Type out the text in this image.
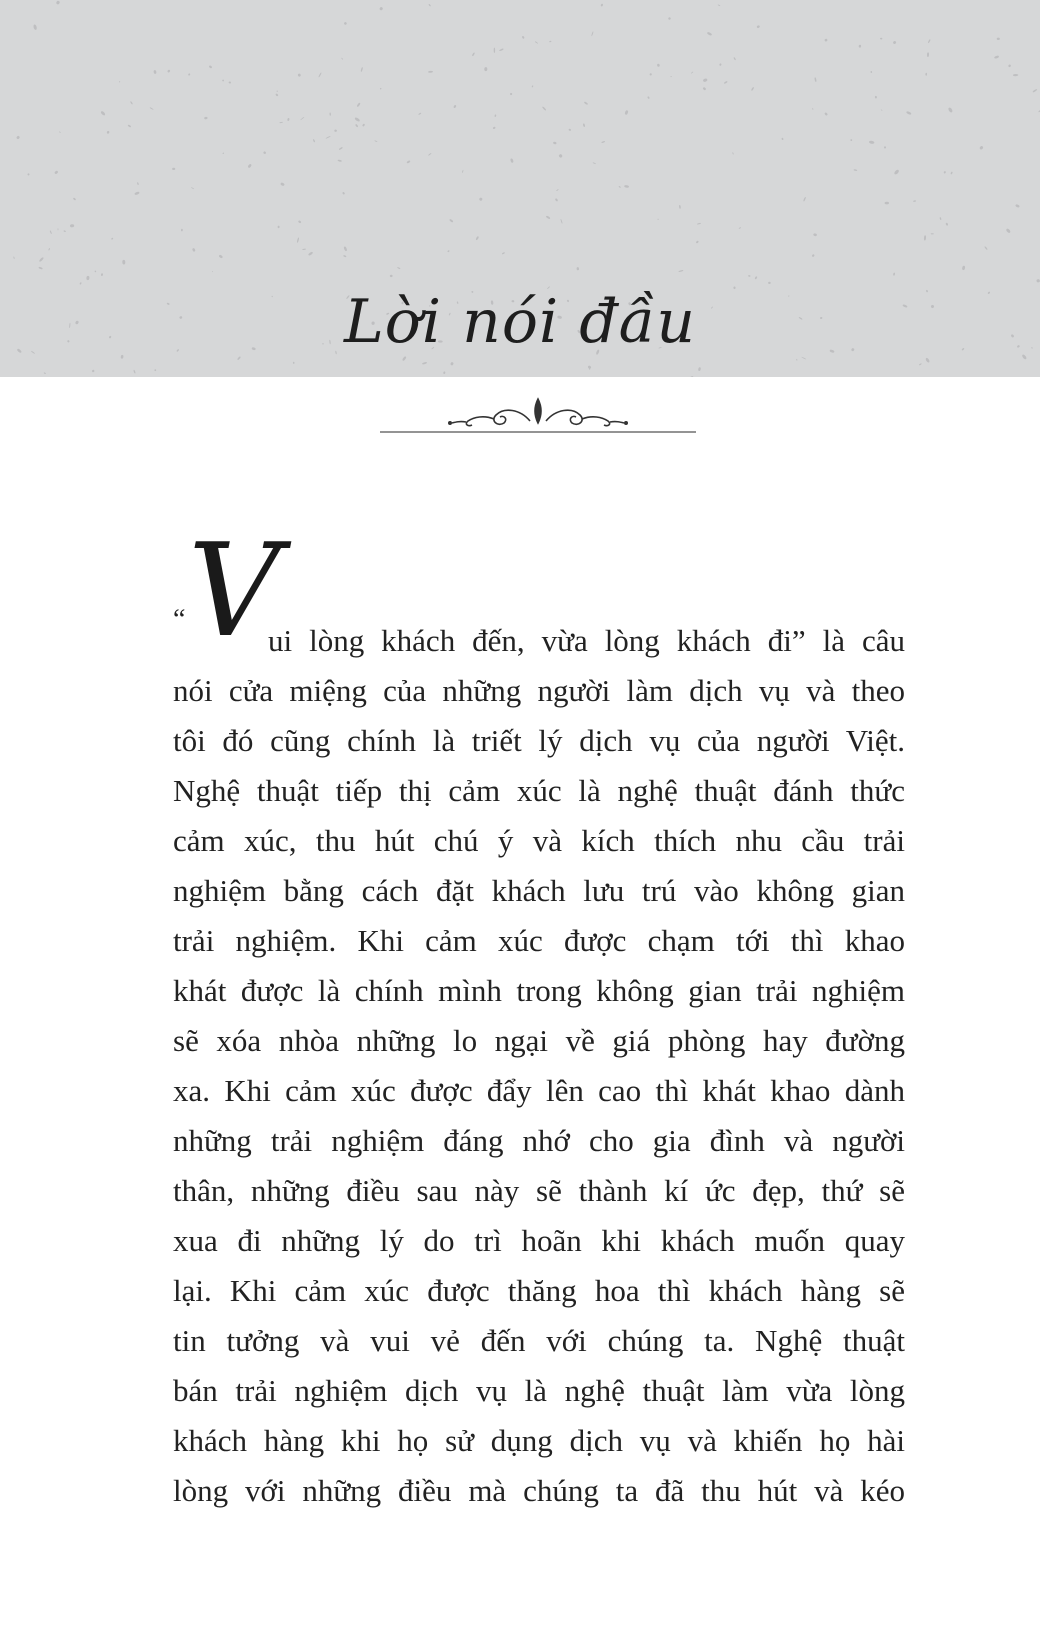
Lời nói đầu
V
“
ui lòng khách đến, vừa lòng khách đi” là câu
nói cửa miệng của những người làm dịch vụ và theo
tôi đó cũng chính là triết lý dịch vụ của người Việt.
Nghệ thuật tiếp thị cảm xúc là nghệ thuật đánh thức
cảm xúc, thu hút chú ý và kích thích nhu cầu trải
nghiệm bằng cách đặt khách lưu trú vào không gian
trải nghiệm. Khi cảm xúc được chạm tới thì khao
khát được là chính mình trong không gian trải nghiệm
sẽ xóa nhòa những lo ngại về giá phòng hay đường
xa. Khi cảm xúc được đẩy lên cao thì khát khao dành
những trải nghiệm đáng nhớ cho gia đình và người
thân, những điều sau này sẽ thành kí ức đẹp, thứ sẽ
xua đi những lý do trì hoãn khi khách muốn quay
lại. Khi cảm xúc được thăng hoa thì khách hàng sẽ
tin tưởng và vui vẻ đến với chúng ta. Nghệ thuật
bán trải nghiệm dịch vụ là nghệ thuật làm vừa lòng
khách hàng khi họ sử dụng dịch vụ và khiến họ hài
lòng với những điều mà chúng ta đã thu hút và kéo
